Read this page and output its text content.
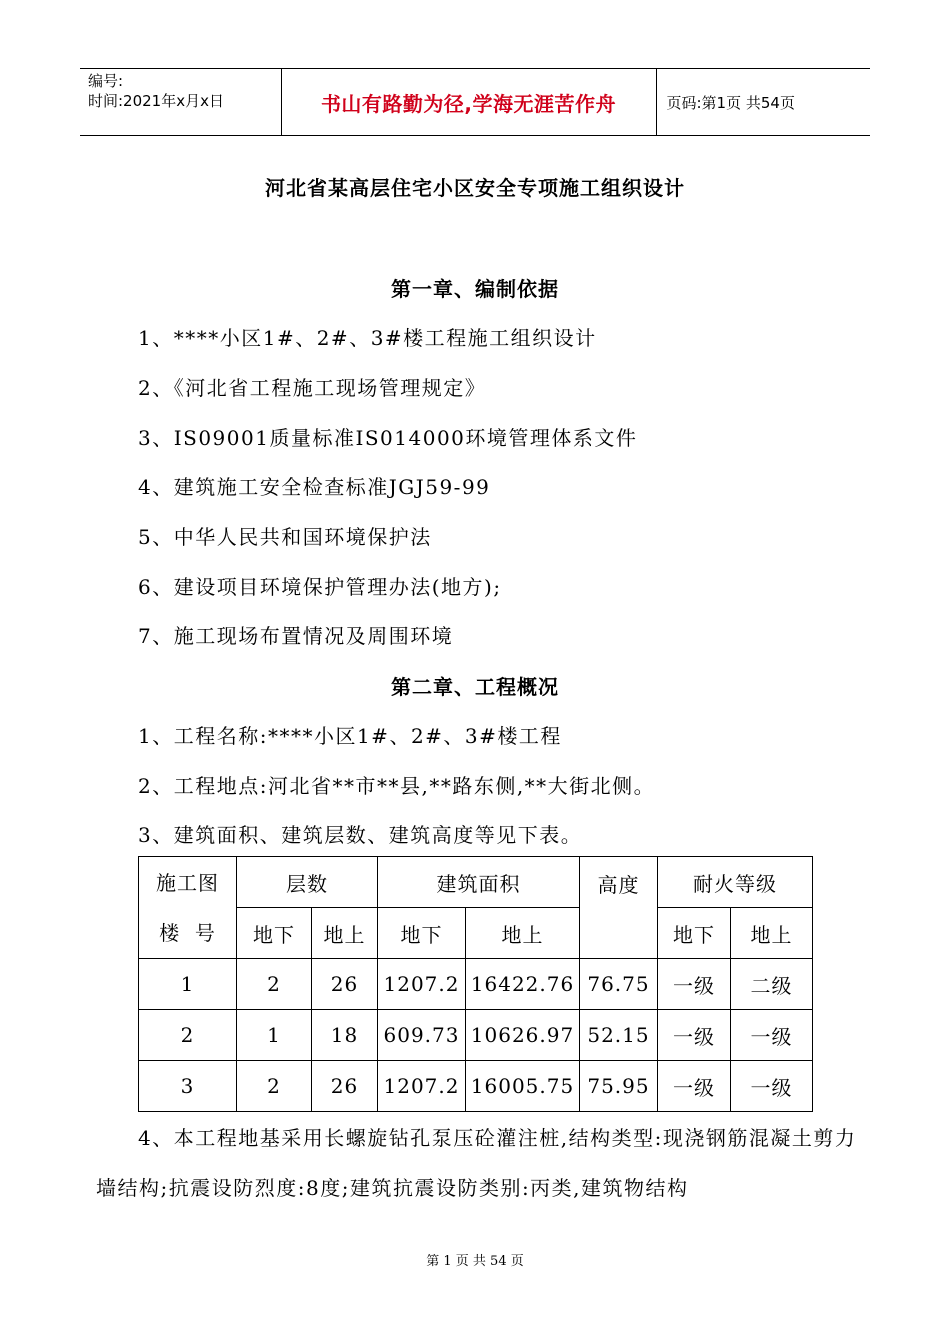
编号:
时间:2021年x月x日	书山有路勤为径,学海无涯苦作舟	页码:第1页 共54页
河北省某高层住宅小区安全专项施工组织设计
第一章、编制依据
1、****小区1#、2#、3#楼工程施工组织设计
2、《河北省工程施工现场管理规定》
3、IS09001质量标准IS014000环境管理体系文件
4、建筑施工安全检查标准JGJ59-99
5、中华人民共和国环境保护法
6、建设项目环境保护管理办法(地方);
7、施工现场布置情况及周围环境
第二章、工程概况
1、工程名称:****小区1#、2#、3#楼工程
2、工程地点:河北省**市**县,**路东侧,**大街北侧。
3、建筑面积、建筑层数、建筑高度等见下表。
施工图
楼  号	层数		建筑面积		高度	耐火等级	
	地下	地上	地下	地上		地下	地上
1	2	26	1207.2	16422.76	76.75	一级	二级
2	1	18	609.73	10626.97	52.15	一级	一级
3	2	26	1207.2	16005.75	75.95	一级	一级
4、本工程地基采用长螺旋钻孔泵压砼灌注桩,结构类型:现浇钢筋混凝土剪力墙结构;抗震设防烈度:8度;建筑抗震设防类别:丙类,建筑物结构
第 1 页 共 54 页
